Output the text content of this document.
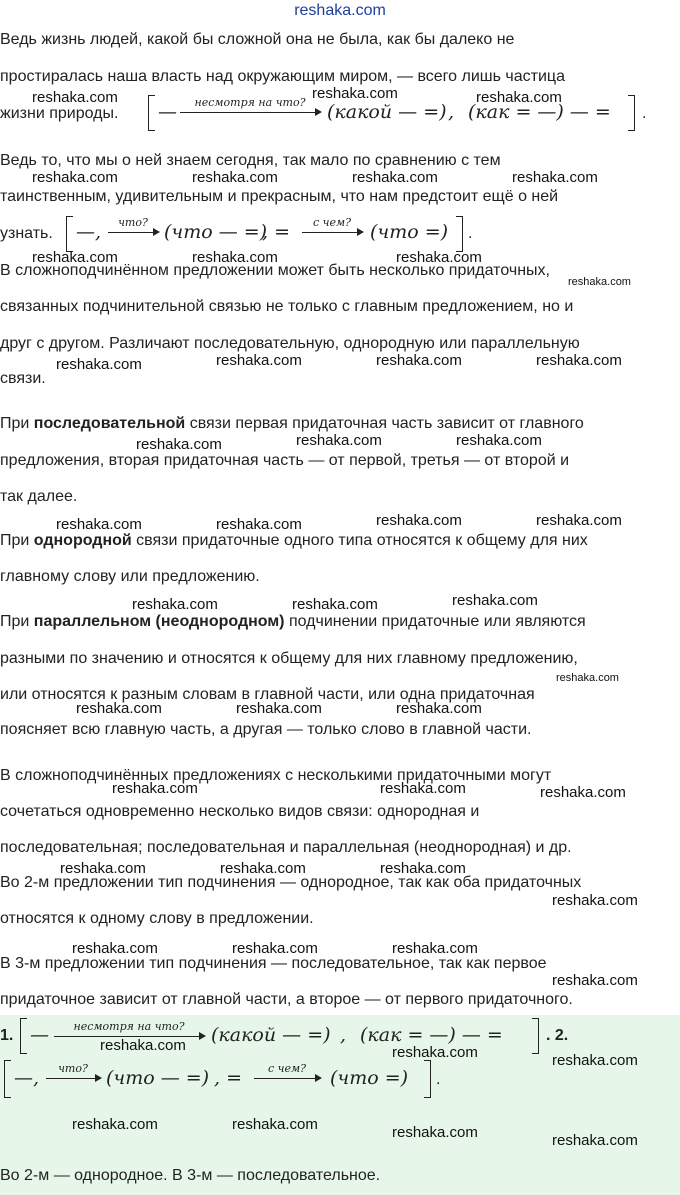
reshaka.com
Ведь жизнь людей, какой бы сложной она не была, как бы далеко не
простиралась наша власть над окружающим миром, — всего лишь частица
жизни природы. —	несмотря на что?	(какой — =) , (как = —) — = .
Ведь то, что мы о ней знаем сегодня, так мало по сравнению с тем
таинственным, удивительным и прекрасным, что нам предстоит ещё о ней
узнать. —,	что? (что — =)
, =	с чем? (что =) .
В сложноподчинённом предложении может быть несколько придаточных,
связанных подчинительной связью не только с главным предложением, но и
друг с другом. Различают последовательную, однородную или параллельную
связи.
При последовательной связи первая придаточная часть зависит от главного
предложения, вторая придаточная часть — от первой, третья — от второй и
так далее.
При однородной связи придаточные одного типа относятся к общему для них
главному слову или предложению.
При параллельном (неоднородном) подчинении придаточные или являются
разными по значению и относятся к общему для них главному предложению,
или относятся к разным словам в главной части, или одна придаточная
поясняет всю главную часть, а другая — только слово в главной части.
В сложноподчинённых предложениях с несколькими придаточными могут
сочетаться одновременно несколько видов связи: однородная и
последовательная; последовательная и параллельная (неоднородная) и др.
Во 2-м предложении тип подчинения — однородное, так как оба придаточных
относятся к одному слову в предложении.
В 3-м предложении тип подчинения — последовательное, так как первое
придаточное зависит от главной части, а второе — от первого придаточного.
1. —	несмотря на что?	(какой — =) , (как = —) — =	. 2.
—,	что? (что — =) , =	с чем?	(что =) .
Во 2-м — однородное. В 3-м — последовательное.
reshaka.com	reshaka.com	reshaka.com
reshaka.com	reshaka.com	reshaka.com	reshaka.com
reshaka.com	reshaka.com	reshaka.com
reshaka.com
reshaka.com	reshaka.com	reshaka.com	reshaka.com
reshaka.com	reshaka.com	reshaka.com
reshaka.com	reshaka.com	reshaka.com	reshaka.com
reshaka.com	reshaka.com	reshaka.com
reshaka.com
reshaka.com	reshaka.com	reshaka.com
reshaka.com	reshaka.com	reshaka.com
reshaka.com	reshaka.com	reshaka.com
reshaka.com
reshaka.com	reshaka.com	reshaka.com
reshaka.com
reshaka.com	reshaka.com	reshaka.com
reshaka.com	reshaka.com	reshaka.com	reshaka.com
